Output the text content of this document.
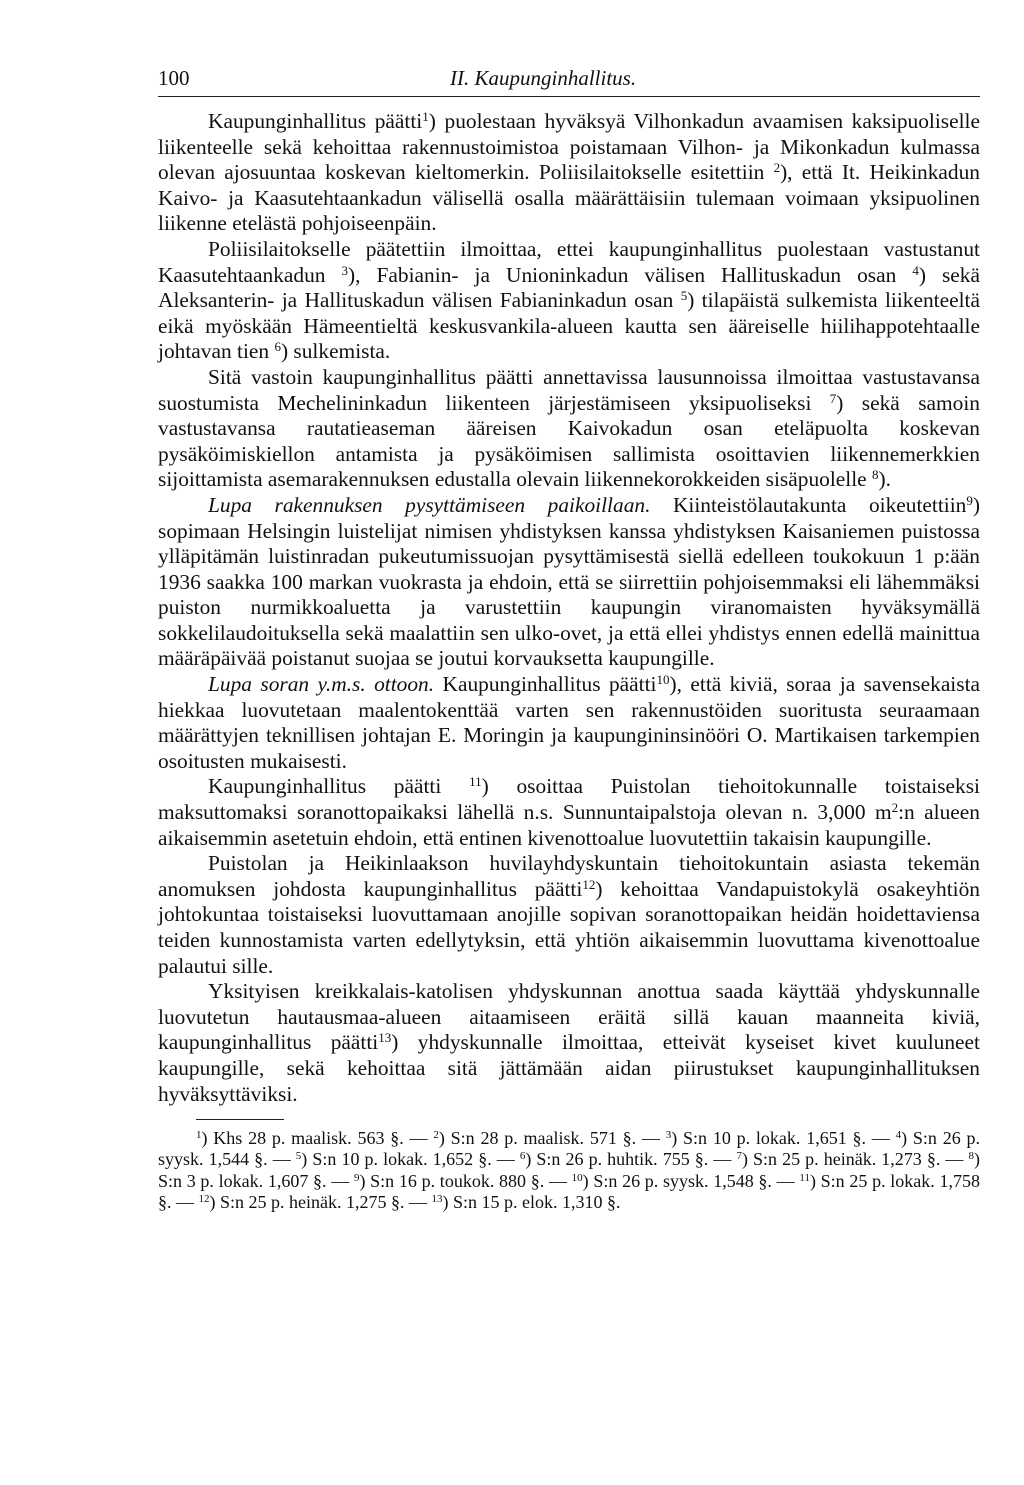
100	II. Kaupunginhallitus.

Kaupunginhallitus päätti$^1$) puolestaan hyväksyä Vilhonkadun avaamisen kaksipuoliselle liikenteelle sekä kehoittaa rakennustoimistoa poistamaan Vilhon- ja Mikonkadun kulmassa olevan ajosuuntaa koskevan kieltomerkin. Poliisilaitokselle esitettiin $^2$), että It. Heikinkadun Kaivo- ja Kaasutehtaankadun välisellä osalla määrättäisiin tulemaan voimaan yksipuolinen liikenne etelästä pohjoiseenpäin.

Poliisilaitokselle päätettiin ilmoittaa, ettei kaupunginhallitus puolestaan vastustanut Kaasutehtaankadun $^3$), Fabianin- ja Unioninkadun välisen Hallituskadun osan $^4$) sekä Aleksanterin- ja Hallituskadun välisen Fabianinkadun osan $^5$) tilapäistä sulkemista liikenteeltä eikä myöskään Hämeentieltä keskusvankila-alueen kautta sen ääreiselle hiilihappotehtaalle johtavan tien $^6$) sulkemista.

Sitä vastoin kaupunginhallitus päätti annettavissa lausunnoissa ilmoittaa vastustavansa suostumista Mechelininkadun liikenteen järjestämiseen yksipuoliseksi $^7$) sekä samoin vastustavansa rautatieaseman ääreisen Kaivokadun osan eteläpuolta koskevan pysäköimiskiellon antamista ja pysäköimisen sallimista osoittavien liikennemerkkien sijoittamista asemarakennuksen edustalla olevain liikennekorokkeiden sisäpuolelle $^8$).

Lupa rakennuksen pysyttämiseen paikoillaan. Kiinteistölautakunta oikeutettiin$^9$) sopimaan Helsingin luistelijat nimisen yhdistyksen kanssa yhdistyksen Kaisaniemen puistossa ylläpitämän luistinradan pukeutumissuojan pysyttämisestä siellä edelleen toukokuun 1 p:ään 1936 saakka 100 markan vuokrasta ja ehdoin, että se siirrettiin pohjoisemmaksi eli lähemmäksi puiston nurmikkoaluetta ja varustettiin kaupungin viranomaisten hyväksymällä sokkelilaudoituksella sekä maalattiin sen ulko-ovet, ja että ellei yhdistys ennen edellä mainittua määräpäivää poistanut suojaa se joutui korvauksetta kaupungille.

Lupa soran y.m.s. ottoon. Kaupunginhallitus päätti$^{10}$), että kiviä, soraa ja savensekaista hiekkaa luovutetaan maalentokenttää varten sen rakennustöiden suoritusta seuraamaan määrättyjen teknillisen johtajan E. Moringin ja kaupungininsinööri O. Martikaisen tarkempien osoitusten mukaisesti.

Kaupunginhallitus päätti $^{11}$) osoittaa Puistolan tiehoitokunnalle toistaiseksi maksuttomaksi soranottopaikaksi lähellä n.s. Sunnuntaipalstoja olevan n. 3,000 $m^2:n$ alueen aikaisemmin asetetuin ehdoin, että entinen kivenottoalue luovutettiin takaisin kaupungille.

Puistolan ja Heikinlaakson huvilayhdyskuntain tiehoitokuntain asiasta tekemän anomuksen johdosta kaupunginhallitus päätti$^{12}$) kehoittaa Vandapuistokylä osakeyhtiön johtokuntaa toistaiseksi luovuttamaan anojille sopivan soranottopaikan heidän hoidettaviensa teiden kunnostamista varten edellytyksin, että yhtiön aikaisemmin luovuttama kivenottoalue palautui sille.

Yksityisen kreikkalais-katolisen yhdyskunnan anottua saada käyttää yhdyskunnalle luovutetun hautausmaa-alueen aitaamiseen eräitä sillä kauan maanneita kiviä, kaupunginhallitus päätti$^{13}$) yhdyskunnalle ilmoittaa, etteivät kyseiset kivet kuuluneet kaupungille, sekä kehoittaa sitä jättämään aidan piirustukset kaupunginhallituksen hyväksyttäviksi.

$^1$) Khs 28 p. maalisk. 563 §. — $^2$) S:n 28 p. maalisk. 571 §. — $^3$) S:n 10 p. lokak. 1,651 §. — $^4$) S:n 26 p. syysk. 1,544 §. — $^5$) S:n 10 p. lokak. 1,652 §. — $^6$) S:n 26 p. huhtik. 755 §. — $^7$) S:n 25 p. heinäk. 1,273 §. — $^8$) S:n 3 p. lokak. 1,607 §. — $^9$) S:n 16 p. toukok. 880 §. — $^{10}$) S:n 26 p. syysk. 1,548 §. — $^{11}$) S:n 25 p. lokak. 1,758 §. — $^{12}$) S:n 25 p. heinäk. 1,275 §. — $^{13}$) S:n 15 p. elok. 1,310 §.
